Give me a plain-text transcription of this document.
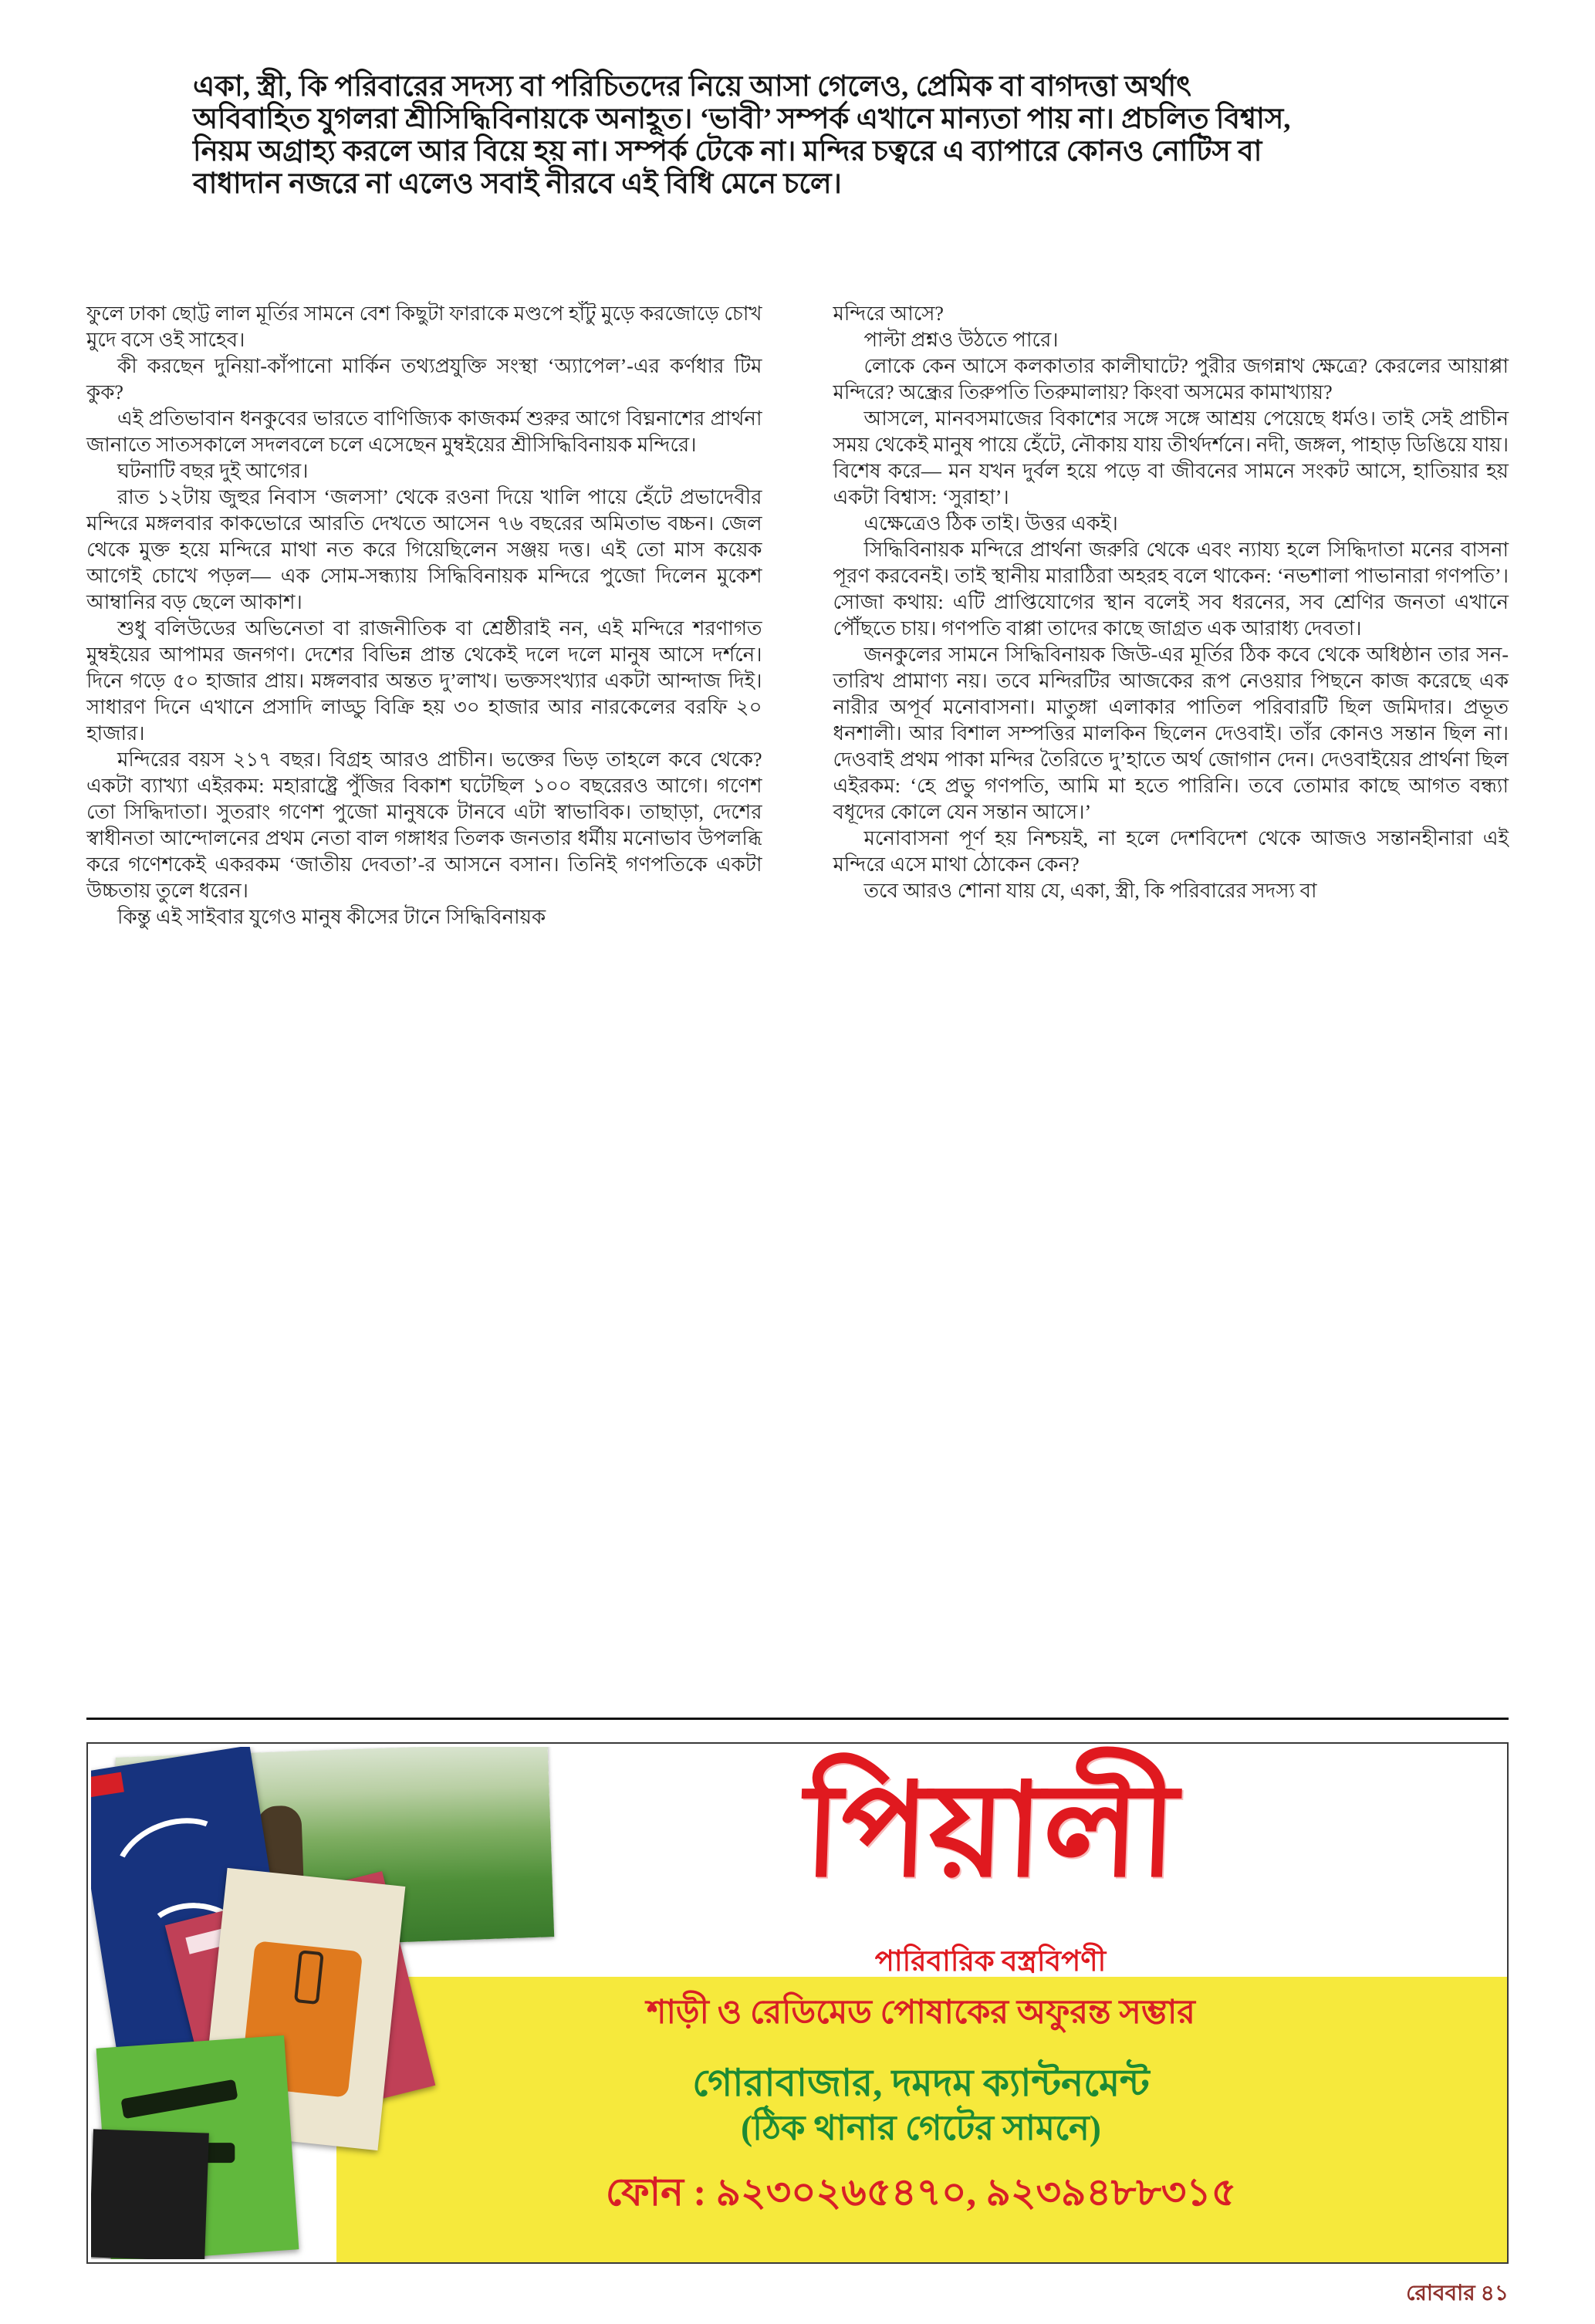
একা, স্ত্রী, কি পরিবারের সদস্য বা পরিচিতদের নিয়ে আসা গেলেও, প্রেমিক বা বাগদত্তা অর্থাৎ অবিবাহিত যুগলরা শ্রীসিদ্ধিবিনায়কে অনাহূত। ‘ভাবী’ সম্পর্ক এখানে মান্যতা পায় না। প্রচলিত বিশ্বাস, নিয়ম অগ্রাহ্য করলে আর বিয়ে হয় না। সম্পর্ক টেকে না। মন্দির চত্বরে এ ব্যাপারে কোনও নোটিস বা বাধাদান নজরে না এলেও সবাই নীরবে এই বিধি মেনে চলে।

ফুলে ঢাকা ছোট্ট লাল মূর্তির সামনে বেশ কিছুটা ফারাকে মণ্ডপে হাঁটু মুড়ে করজোড়ে চোখ মুদে বসে ওই সাহেব।

কী করছেন দুনিয়া-কাঁপানো মার্কিন তথ্যপ্রযুক্তি সংস্থা ‘অ্যাপেল’-এর কর্ণধার টিম কুক?

এই প্রতিভাবান ধনকুবের ভারতে বাণিজ্যিক কাজকর্ম শুরুর আগে বিঘ্ননাশের প্রার্থনা জানাতে সাতসকালে সদলবলে চলে এসেছেন মুম্বইয়ের শ্রীসিদ্ধিবিনায়ক মন্দিরে।

ঘটনাটি বছর দুই আগের।

রাত ১২টায় জুহুর নিবাস ‘জলসা’ থেকে রওনা দিয়ে খালি পায়ে হেঁটে প্রভাদেবীর মন্দিরে মঙ্গলবার কাকভোরে আরতি দেখতে আসেন ৭৬ বছরের অমিতাভ বচ্চন। জেল থেকে মুক্ত হয়ে মন্দিরে মাথা নত করে গিয়েছিলেন সঞ্জয় দত্ত। এই তো মাস কয়েক আগেই চোখে পড়ল— এক সোম-সন্ধ্যায় সিদ্ধিবিনায়ক মন্দিরে পুজো দিলেন মুকেশ আম্বানির বড় ছেলে আকাশ।

শুধু বলিউডের অভিনেতা বা রাজনীতিক বা শ্রেষ্ঠীরাই নন, এই মন্দিরে শরণাগত মুম্বইয়ের আপামর জনগণ। দেশের বিভিন্ন প্রান্ত থেকেই দলে দলে মানুষ আসে দর্শনে। দিনে গড়ে ৫০ হাজার প্রায়। মঙ্গলবার অন্তত দু’লাখ। ভক্তসংখ্যার একটা আন্দাজ দিই। সাধারণ দিনে এখানে প্রসাদি লাড্ডু বিক্রি হয় ৩০ হাজার আর নারকেলের বরফি ২০ হাজার।

মন্দিরের বয়স ২১৭ বছর। বিগ্রহ আরও প্রাচীন। ভক্তের ভিড় তাহলে কবে থেকে? একটা ব্যাখ্যা এইরকম: মহারাষ্ট্রে পুঁজির বিকাশ ঘটেছিল ১০০ বছরেরও আগে। গণেশ তো সিদ্ধিদাতা। সুতরাং গণেশ পুজো মানুষকে টানবে এটা স্বাভাবিক। তাছাড়া, দেশের স্বাধীনতা আন্দোলনের প্রথম নেতা বাল গঙ্গাধর তিলক জনতার ধর্মীয় মনোভাব উপলব্ধি করে গণেশকেই একরকম ‘জাতীয় দেবতা’-র আসনে বসান। তিনিই গণপতিকে একটা উচ্চতায় তুলে ধরেন।

কিন্তু এই সাইবার যুগেও মানুষ কীসের টানে সিদ্ধিবিনায়ক

মন্দিরে আসে?

পাল্টা প্রশ্নও উঠতে পারে।

লোকে কেন আসে কলকাতার কালীঘাটে? পুরীর জগন্নাথ ক্ষেত্রে? কেরলের আয়াপ্পা মন্দিরে? অন্ধ্রের তিরুপতি তিরুমালায়? কিংবা অসমের কামাখ্যায়?

আসলে, মানবসমাজের বিকাশের সঙ্গে সঙ্গে আশ্রয় পেয়েছে ধর্মও। তাই সেই প্রাচীন সময় থেকেই মানুষ পায়ে হেঁটে, নৌকায় যায় তীর্থদর্শনে। নদী, জঙ্গল, পাহাড় ডিঙিয়ে যায়। বিশেষ করে— মন যখন দুর্বল হয়ে পড়ে বা জীবনের সামনে সংকট আসে, হাতিয়ার হয় একটা বিশ্বাস: ‘সুরাহা’।

এক্ষেত্রেও ঠিক তাই। উত্তর একই।

সিদ্ধিবিনায়ক মন্দিরে প্রার্থনা জরুরি থেকে এবং ন্যায্য হলে সিদ্ধিদাতা মনের বাসনা পূরণ করবেনই। তাই স্থানীয় মারাঠিরা অহরহ বলে থাকেন: ‘নভশালা পাভানারা গণপতি’। সোজা কথায়: এটি প্রাপ্তিযোগের স্থান বলেই সব ধরনের, সব শ্রেণির জনতা এখানে পৌঁছতে চায়। গণপতি বাপ্পা তাদের কাছে জাগ্রত এক আরাধ্য দেবতা।

জনকুলের সামনে সিদ্ধিবিনায়ক জিউ-এর মূর্তির ঠিক কবে থেকে অধিষ্ঠান তার সন-তারিখ প্রামাণ্য নয়। তবে মন্দিরটির আজকের রূপ নেওয়ার পিছনে কাজ করেছে এক নারীর অপূর্ব মনোবাসনা। মাতুঙ্গা এলাকার পাতিল পরিবারটি ছিল জমিদার। প্রভূত ধনশালী। আর বিশাল সম্পত্তির মালকিন ছিলেন দেওবাই। তাঁর কোনও সন্তান ছিল না। দেওবাই প্রথম পাকা মন্দির তৈরিতে দু’হাতে অর্থ জোগান দেন। দেওবাইয়ের প্রার্থনা ছিল এইরকম: ‘হে প্রভু গণপতি, আমি মা হতে পারিনি। তবে তোমার কাছে আগত বন্ধ্যা বধূদের কোলে যেন সন্তান আসে।’

মনোবাসনা পূর্ণ হয় নিশ্চয়ই, না হলে দেশবিদেশ থেকে আজও সন্তানহীনারা এই মন্দিরে এসে মাথা ঠোকেন কেন?

তবে আরও শোনা যায় যে, একা, স্ত্রী, কি পরিবারের সদস্য বা

পিয়ালী
পারিবারিক বস্ত্রবিপণী
শাড়ী ও রেডিমেড পোষাকের অফুরন্ত সম্ভার
গোরাবাজার, দমদম ক্যান্টনমেন্ট
(ঠিক থানার গেটের সামনে)
ফোন : ৯২৩০২৬৫৪৭০, ৯২৩৯৪৮৮৩১৫
রোববার ৪১
